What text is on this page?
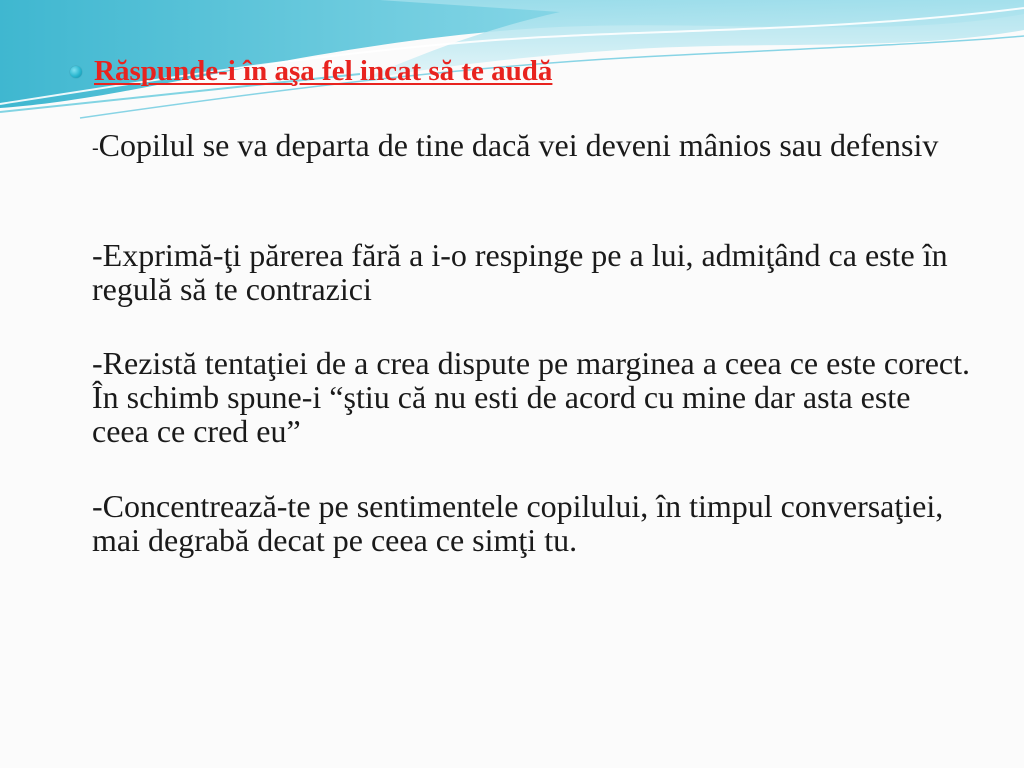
Răspunde-i în aşa fel incat să te audă

-Copilul se va departa de tine dacă vei deveni mânios sau defensiv

-Exprimă-ţi părerea fără a i-o respinge pe a lui, admiţând ca este în regulă să te contrazici

-Rezistă tentaţiei de a crea dispute pe marginea a ceea ce este corect. În schimb spune-i “ştiu că nu esti de acord cu mine dar asta este ceea ce cred eu”

-Concentrează-te pe sentimentele copilului, în timpul conversaţiei, mai degrabă decat pe ceea ce simţi tu.
